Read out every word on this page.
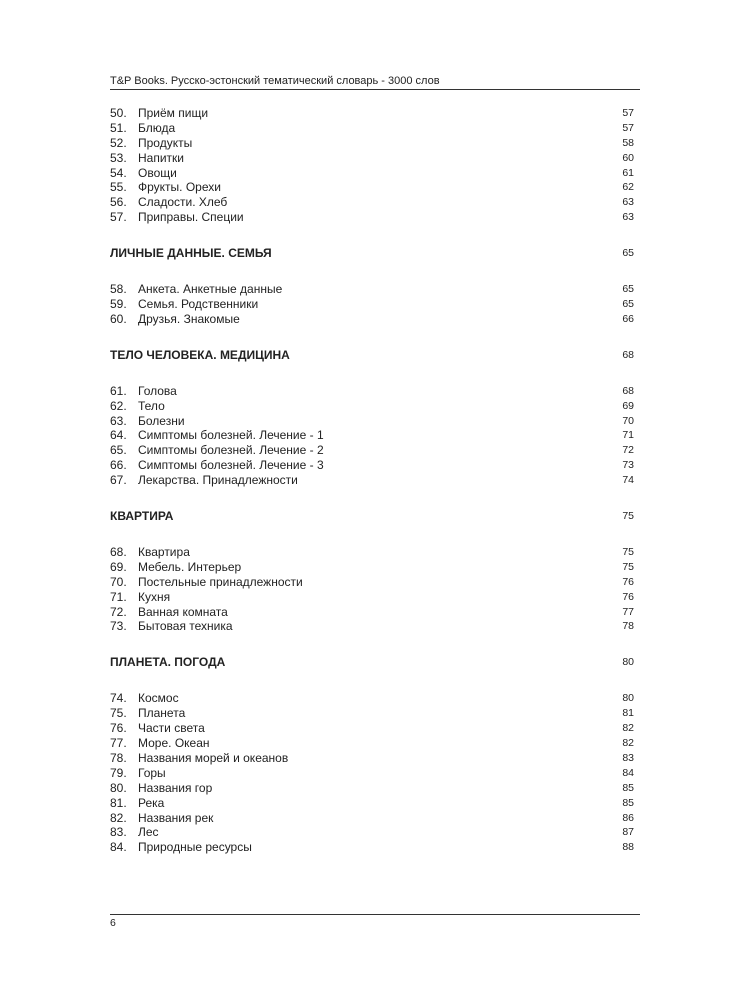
T&P Books. Русско-эстонский тематический словарь - 3000 слов
50. Приём пищи	57
51. Блюда	57
52. Продукты	58
53. Напитки	60
54. Овощи	61
55. Фрукты. Орехи	62
56. Сладости. Хлеб	63
57. Приправы. Специи	63
ЛИЧНЫЕ ДАННЫЕ. СЕМЬЯ	65
58. Анкета. Анкетные данные	65
59. Семья. Родственники	65
60. Друзья. Знакомые	66
ТЕЛО ЧЕЛОВЕКА. МЕДИЦИНА	68
61. Голова	68
62. Тело	69
63. Болезни	70
64. Симптомы болезней. Лечение - 1	71
65. Симптомы болезней. Лечение - 2	72
66. Симптомы болезней. Лечение - 3	73
67. Лекарства. Принадлежности	74
КВАРТИРА	75
68. Квартира	75
69. Мебель. Интерьер	75
70. Постельные принадлежности	76
71. Кухня	76
72. Ванная комната	77
73. Бытовая техника	78
ПЛАНЕТА. ПОГОДА	80
74. Космос	80
75. Планета	81
76. Части света	82
77. Море. Океан	82
78. Названия морей и океанов	83
79. Горы	84
80. Названия гор	85
81. Река	85
82. Названия рек	86
83. Лес	87
84. Природные ресурсы	88
6
